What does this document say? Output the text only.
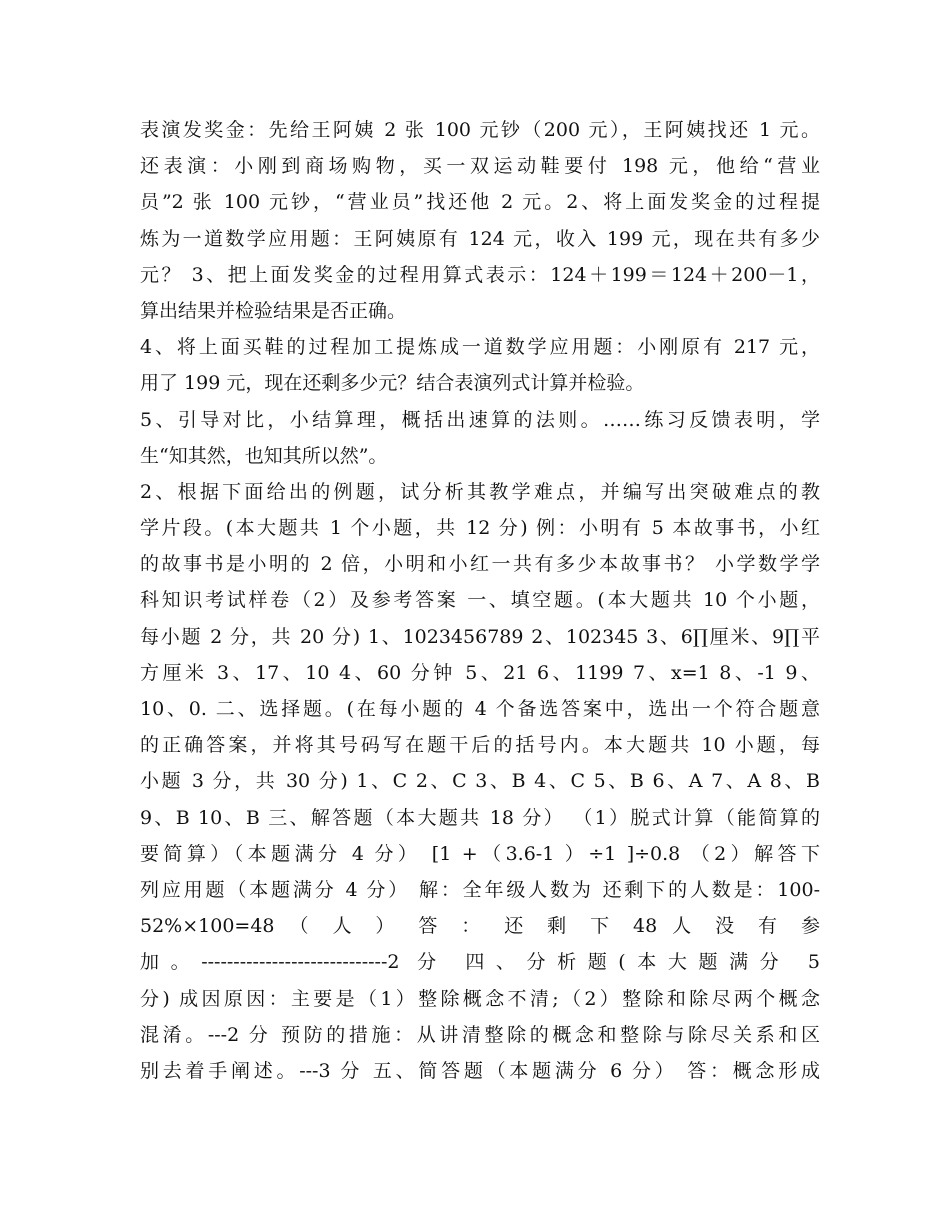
表演发奖金：先给王阿姨 2 张 100 元钞（200 元），王阿姨找还 1 元。
还表演：小刚到商场购物，买一双运动鞋要付 198 元，他给“营业
员”2 张 100 元钞，“营业员”找还他 2 元。2、将上面发奖金的过程提
炼为一道数学应用题：王阿姨原有 124 元，收入 199 元，现在共有多少
元？ 3、把上面发奖金的过程用算式表示：124＋199＝124＋200－1，
算出结果并检验结果是否正确。
4、将上面买鞋的过程加工提炼成一道数学应用题：小刚原有 217 元，
用了 199 元，现在还剩多少元？结合表演列式计算并检验。
5、引导对比，小结算理，概括出速算的法则。……练习反馈表明，学
生“知其然，也知其所以然”。
2、根据下面给出的例题，试分析其教学难点，并编写出突破难点的教
学片段。(本大题共 1 个小题，共 12 分) 例：小明有 5 本故事书，小红
的故事书是小明的 2 倍，小明和小红一共有多少本故事书？ 小学数学学
科知识考试样卷（2）及参考答案 一、填空题。(本大题共 10 个小题，
每小题 2 分，共 20 分) 1、1023456789 2、102345 3、6∏厘米、9∏平
方厘米 3、17、10 4、60 分钟 5、21 6、1199 7、x=1 8、-1 9、
10、0. 二、选择题。(在每小题的 4 个备选答案中，选出一个符合题意
的正确答案，并将其号码写在题干后的括号内。本大题共 10 小题，每
小题 3 分，共 30 分) 1、C 2、C 3、B 4、C 5、B 6、A 7、A 8、B
9、B 10、B 三、解答题（本大题共 18 分） （1）脱式计算（能简算的
要简算）（本题满分 4 分） [1 +（3.6-1 ）÷1 ]÷0.8 （2）解答下
列应用题（本题满分 4 分） 解：全年级人数为 还剩下的人数是：100-
52%×100=48 （ 人 ） 答 ： 还 剩 下 48 人 没 有 参
加。-----------------------------2 分 四、分析题(本大题满分 5
分) 成因原因：主要是（1）整除概念不清;（2）整除和除尽两个概念
混淆。---2 分 预防的措施：从讲清整除的概念和整除与除尽关系和区
别去着手阐述。---3 分 五、简答题（本题满分 6 分） 答：概念形成
